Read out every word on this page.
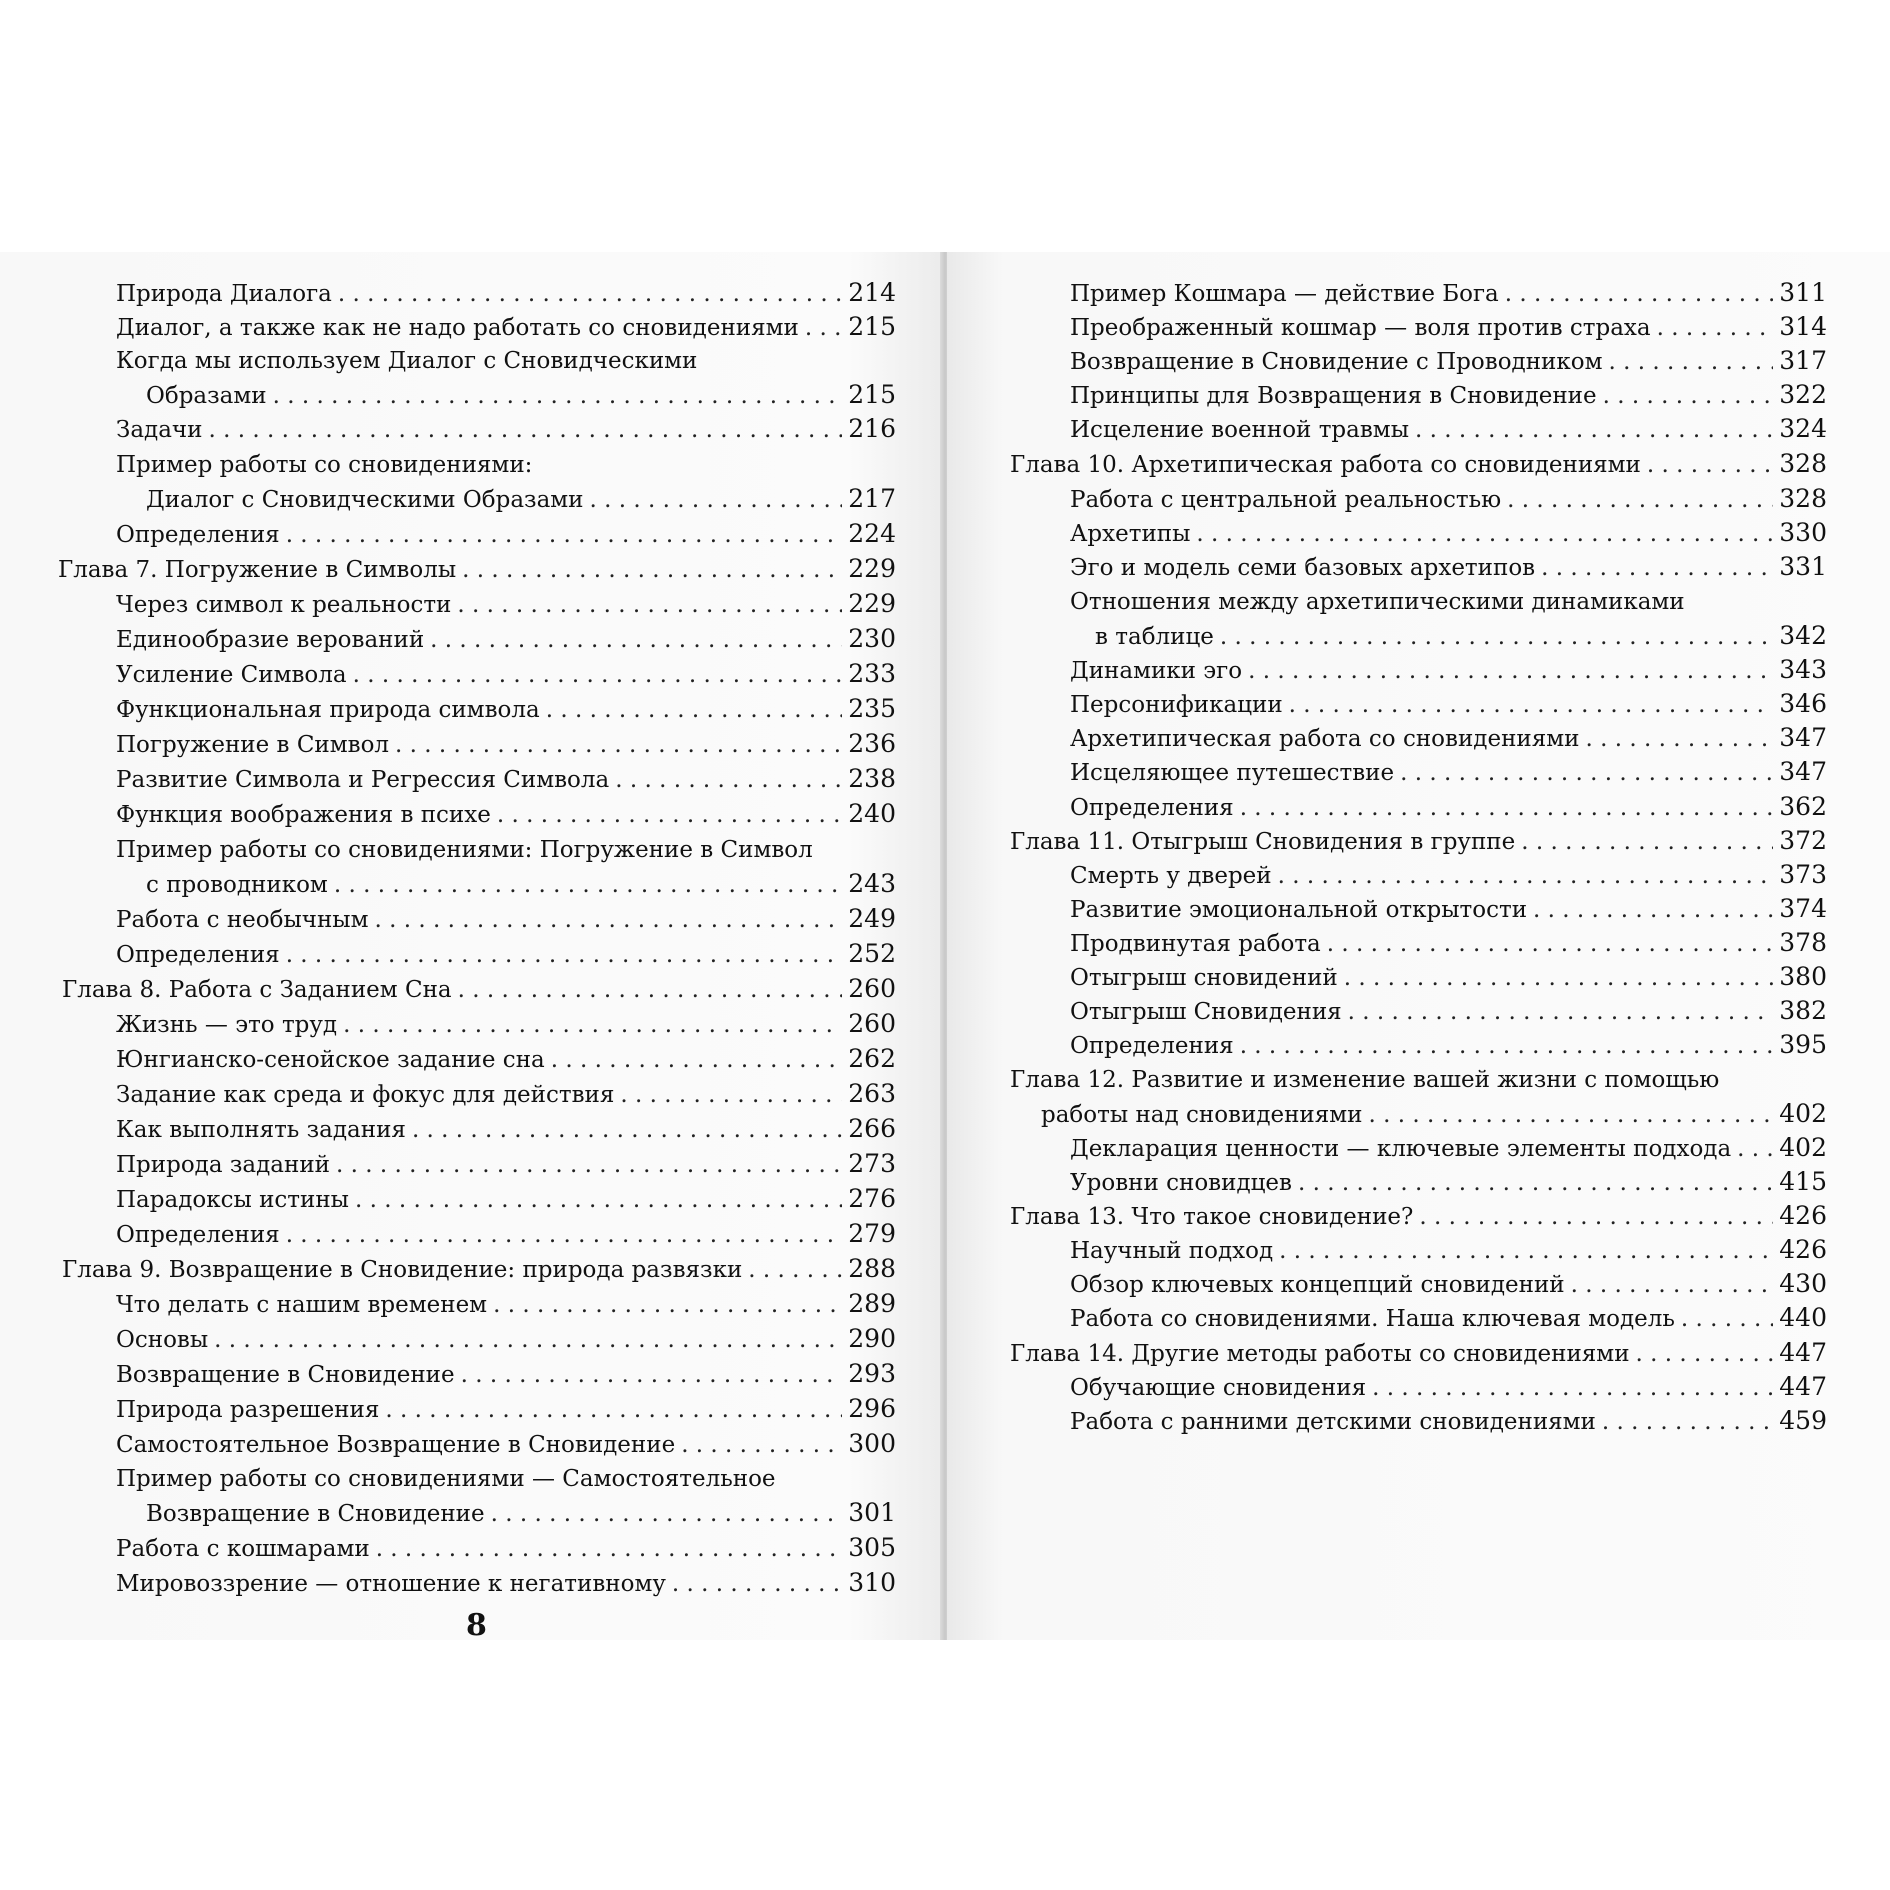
Природа Диалога . . .	214
Диалог, а также как не надо работать со сновидениями . . . 215
Когда мы используем Диалог с Сновидческими
Образами . . .	215
Задачи . . .	216
Пример работы со сновидениями:
Диалог с Сновидческими Образами . . .	217
Определения . . .	224
Глава 7. Погружение в Символы . . .	229
Через символ к реальности . . .	229
Единообразие верований . . .	230
Усиление Символа . . .	233
Функциональная природа символа . . .	235
Погружение в Символ . . .	236
Развитие Символа и Регрессия Символа . . .	238
Функция воображения в психе . . .	240
Пример работы со сновидениями: Погружение в Символ
с проводником . . .	243
Работа с необычным . . .	249
Определения . . .	252
Глава 8. Работа с Заданием Сна . . .	260
Жизнь — это труд . . .	260
Юнгианско-сенойское задание сна . . .	262
Задание как среда и фокус для действия . . .	263
Как выполнять задания . . .	266
Природа заданий . . .	273
Парадоксы истины . . .	276
Определения . . .	279
Глава 9. Возвращение в Сновидение: природа развязки . . .	288
Что делать с нашим временем . . .	289
Основы . . .	290
Возвращение в Сновидение . . .	293
Природа разрешения . . .	296
Самостоятельное Возвращение в Сновидение . . .	300
Пример работы со сновидениями — Самостоятельное
Возвращение в Сновидение . . .	301
Работа с кошмарами . . .	305
Мировоззрение — отношение к негативному . . .	310
8
Пример Кошмара — действие Бога . . .	311
Преображенный кошмар — воля против страха . . .	314
Возвращение в Сновидение с Проводником . . .	317
Принципы для Возвращения в Сновидение . . .	322
Исцеление военной травмы . . .	324
Глава 10. Архетипическая работа со сновидениями . . .	328
Работа с центральной реальностью . . .	328
Архетипы . . .	330
Эго и модель семи базовых архетипов . . .	331
Отношения между архетипическими динамиками
в таблице . . .	342
Динамики эго . . .	343
Персонификации . . .	346
Архетипическая работа со сновидениями . . .	347
Исцеляющее путешествие . . .	347
Определения . . .	362
Глава 11. Отыгрыш Сновидения в группе . . .	372
Смерть у дверей . . .	373
Развитие эмоциональной открытости . . .	374
Продвинутая работа . . .	378
Отыгрыш сновидений . . .	380
Отыгрыш Сновидения . . .	382
Определения . . .	395
Глава 12. Развитие и изменение вашей жизни с помощью
работы над сновидениями . . .	402
Декларация ценности — ключевые элементы подхода . . . 402
Уровни сновидцев . . .	415
Глава 13. Что такое сновидение? . . .	426
Научный подход . . .	426
Обзор ключевых концепций сновидений . . .	430
Работа со сновидениями. Наша ключевая модель . . .	440
Глава 14. Другие методы работы со сновидениями . . .	447
Обучающие сновидения . . .	447
Работа с ранними детскими сновидениями . . .	459
